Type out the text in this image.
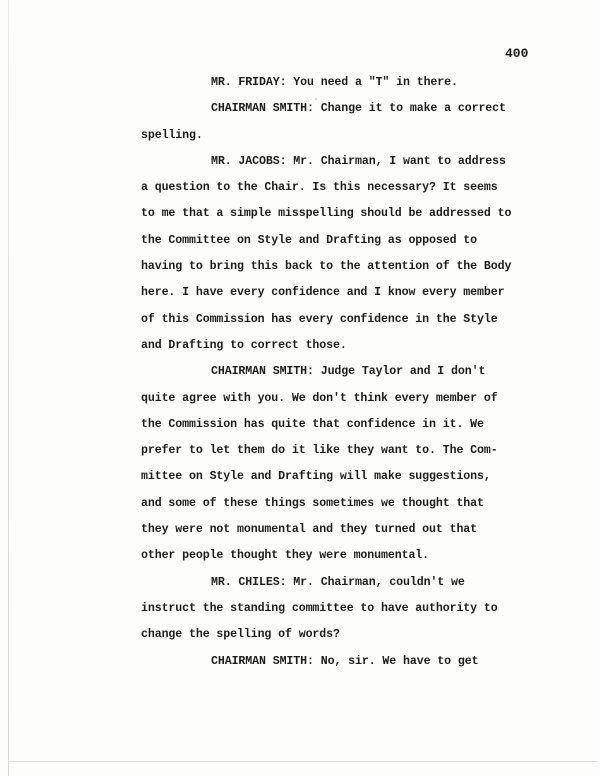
400
MR. FRIDAY: You need a "T" in there.
CHAIRMAN SMITH: Change it to make a correct
spelling.
MR. JACOBS: Mr. Chairman, I want to address
a question to the Chair. Is this necessary? It seems
to me that a simple misspelling should be addressed to
the Committee on Style and Drafting as opposed to
having to bring this back to the attention of the Body
here. I have every confidence and I know every member
of this Commission has every confidence in the Style
and Drafting to correct those.
CHAIRMAN SMITH: Judge Taylor and I don't
quite agree with you. We don't think every member of
the Commission has quite that confidence in it. We
prefer to let them do it like they want to. The Com-
mittee on Style and Drafting will make suggestions,
and some of these things sometimes we thought that
they were not monumental and they turned out that
other people thought they were monumental.
MR. CHILES: Mr. Chairman, couldn't we
instruct the standing committee to have authority to
change the spelling of words?
CHAIRMAN SMITH: No, sir. We have to get
